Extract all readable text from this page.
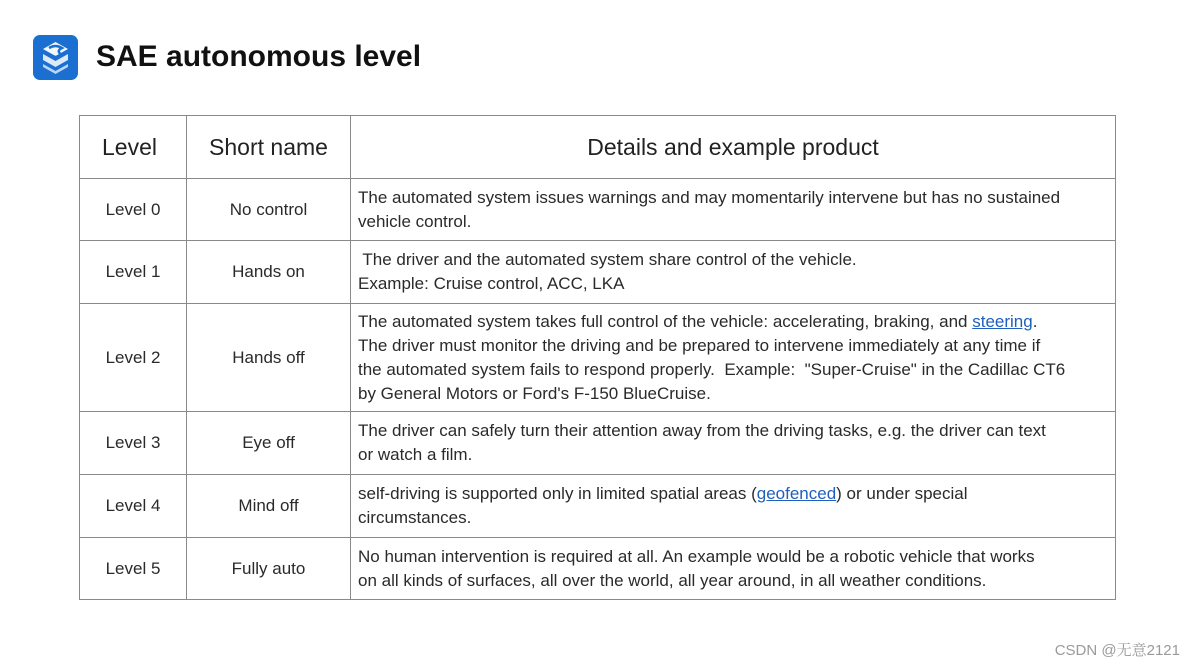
SAE autonomous level
Level	Short name	Details and example product
Level 0	No control	The automated system issues warnings and may momentarily intervene but has no sustained
vehicle control.

Level 1	Hands on	The driver and the automated system share control of the vehicle.
Example: Cruise control, ACC, LKA

Level 2	Hands off	The automated system takes full control of the vehicle: accelerating, braking, and steering.
The driver must monitor the driving and be prepared to intervene immediately at any time if
the automated system fails to respond properly.  Example:  "Super-Cruise" in the Cadillac CT6
by General Motors or Ford's F-150 BlueCruise.

Level 3	Eye off	The driver can safely turn their attention away from the driving tasks, e.g. the driver can text
or watch a film.

Level 4	Mind off	self-driving is supported only in limited spatial areas (geofenced) or under special
circumstances.

Level 5	Fully auto	No human intervention is required at all. An example would be a robotic vehicle that works
on all kinds of surfaces, all over the world, all year around, in all weather conditions.
CSDN @无意2121
